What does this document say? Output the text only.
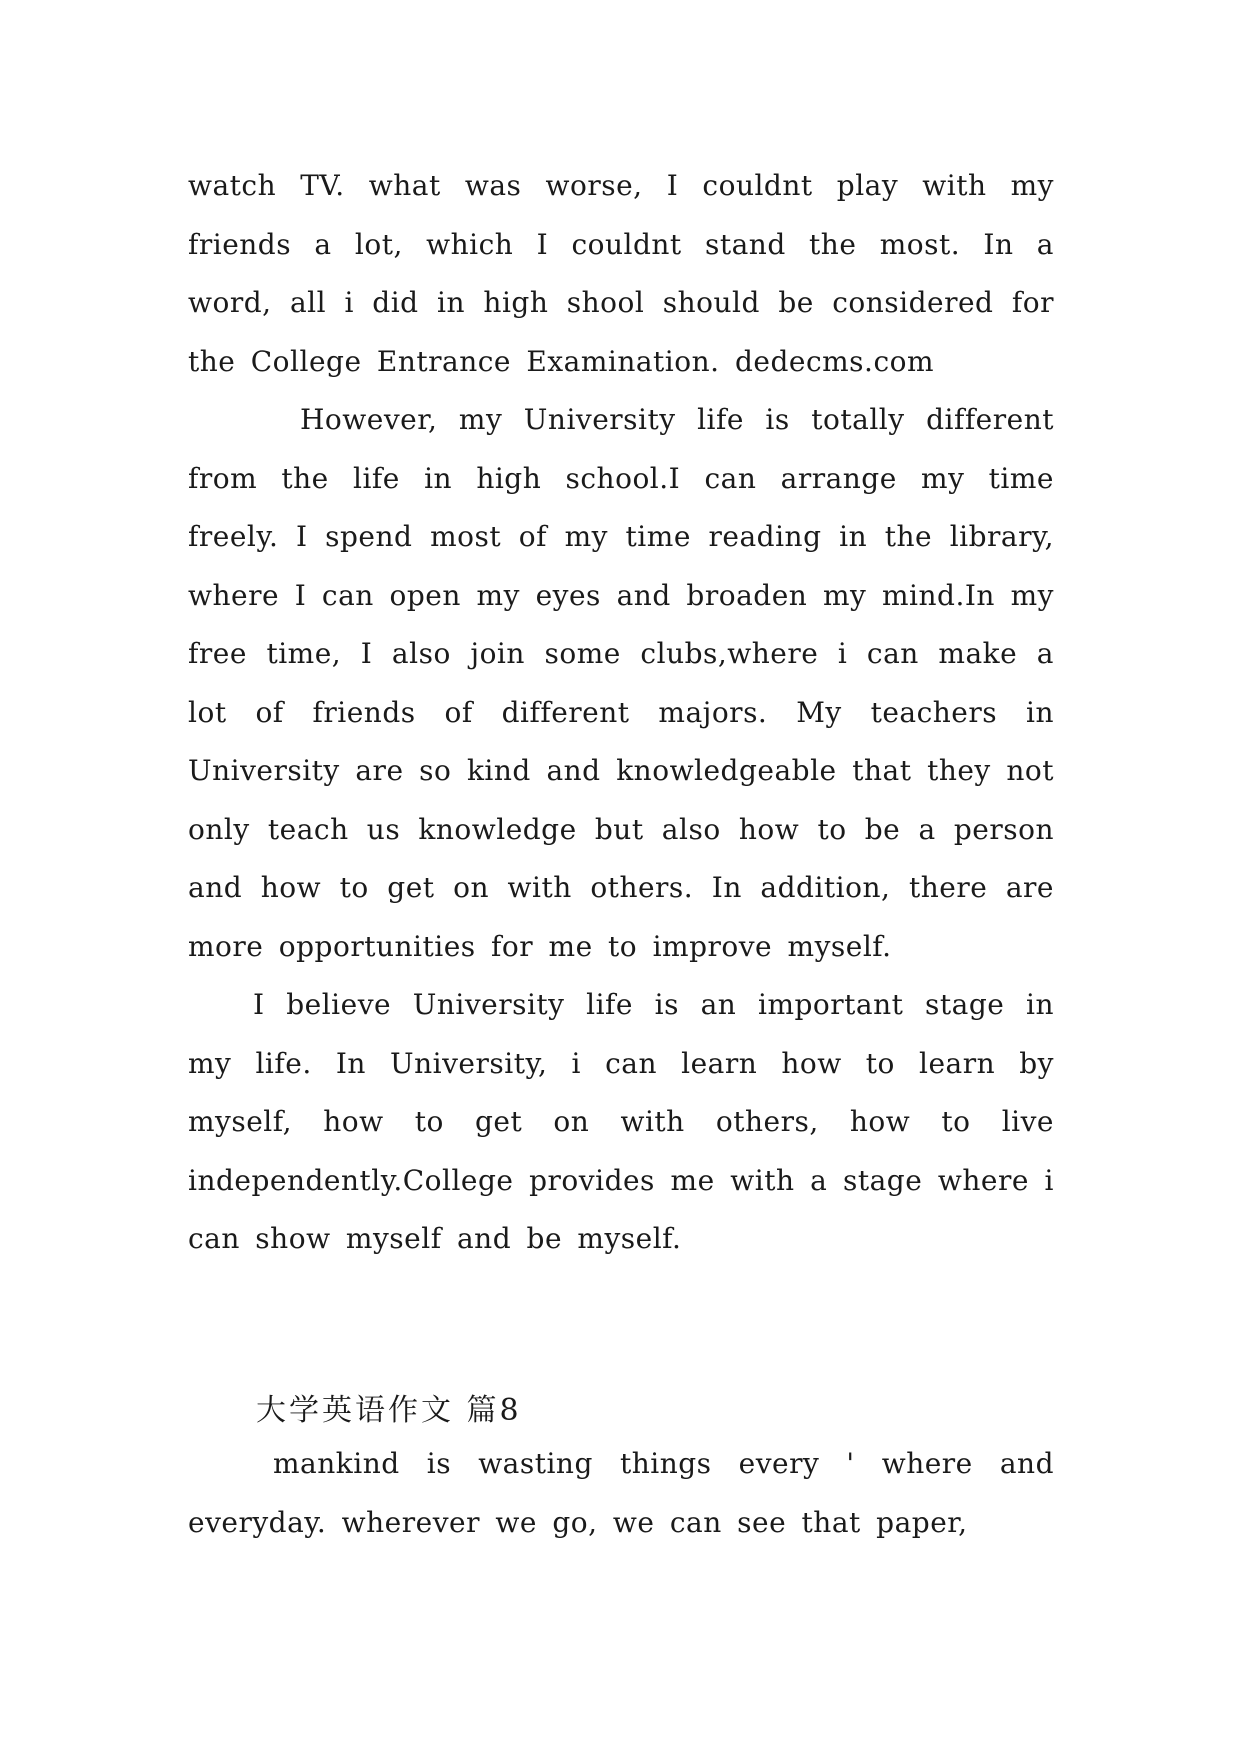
watch TV. what was worse, I couldnt play with my friends a lot, which I couldnt stand the most. In a word, all i did in high shool should be considered for the College Entrance Examination. dedecms.com

However, my University life is totally different from the life in high school.I can arrange my time freely. I spend most of my time reading in the library, where I can open my eyes and broaden my mind.In my free time, I also join some clubs,where i can make a lot of friends of different majors. My teachers in University are so kind and knowledgeable that they not only teach us knowledge but also how to be a person and how to get on with others. In addition, there are more opportunities for me to improve myself.

I believe University life is an important stage in my life. In University, i can learn how to learn by myself, how to get on with others, how to live independently.College provides me with a stage where i can show myself and be myself.

大学英语作文 篇8

mankind is wasting things every ' where and everyday. wherever we go, we can see that paper,
